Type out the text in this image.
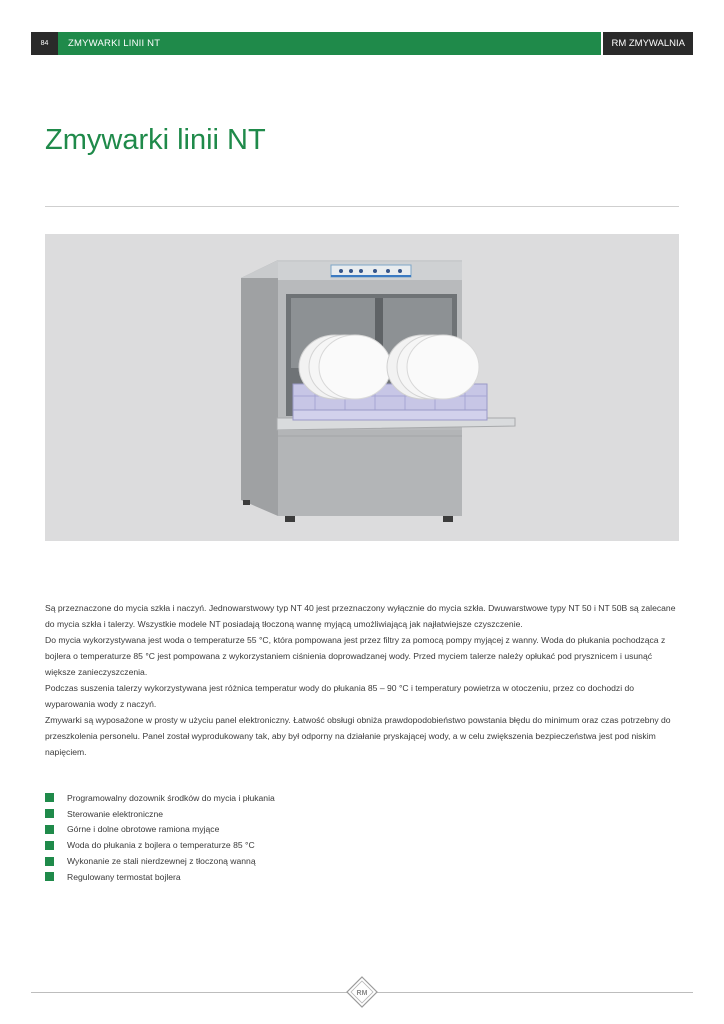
84	ZMYWARKI LINII NT	RM ZMYWALNIA
Zmywarki linii NT

Są przeznaczone do mycia szkła i naczyń. Jednowarstwowy typ NT 40 jest przeznaczony wyłącznie do mycia szkła. Dwuwarstwowe typy NT 50 i NT 50B są zalecane do mycia szkła i talerzy. Wszystkie modele NT posiadają tłoczoną wannę myjącą umożliwiającą jak najłatwiejsze czyszczenie.

Do mycia wykorzystywana jest woda o temperaturze 55 °C, która pompowana jest przez filtry za pomocą pompy myjącej z wanny. Woda do płukania pochodząca z bojlera o temperaturze 85 °C jest pompowana z wykorzystaniem ciśnienia doprowadzanej wody. Przed myciem talerze należy opłukać pod prysznicem i usunąć większe zanieczyszczenia.

Podczas suszenia talerzy wykorzystywana jest różnica temperatur wody do płukania 85 – 90 °C i temperatury powietrza w otoczeniu, przez co dochodzi do wyparowania wody z naczyń.

Zmywarki są wyposażone w prosty w użyciu panel elektroniczny. Łatwość obsługi obniża prawdopodobieństwo powstania błędu do minimum oraz czas potrzebny do przeszkolenia personelu. Panel został wyprodukowany tak, aby był odporny na działanie pryskającej wody, a w celu zwiększenia bezpieczeństwa jest pod niskim napięciem.

Programowalny dozownik środków do mycia i płukania
Sterowanie elektroniczne
Górne i dolne obrotowe ramiona myjące
Woda do płukania z bojlera o temperaturze 85 °C
Wykonanie ze stali nierdzewnej z tłoczoną wanną
Regulowany termostat bojlera
RM
